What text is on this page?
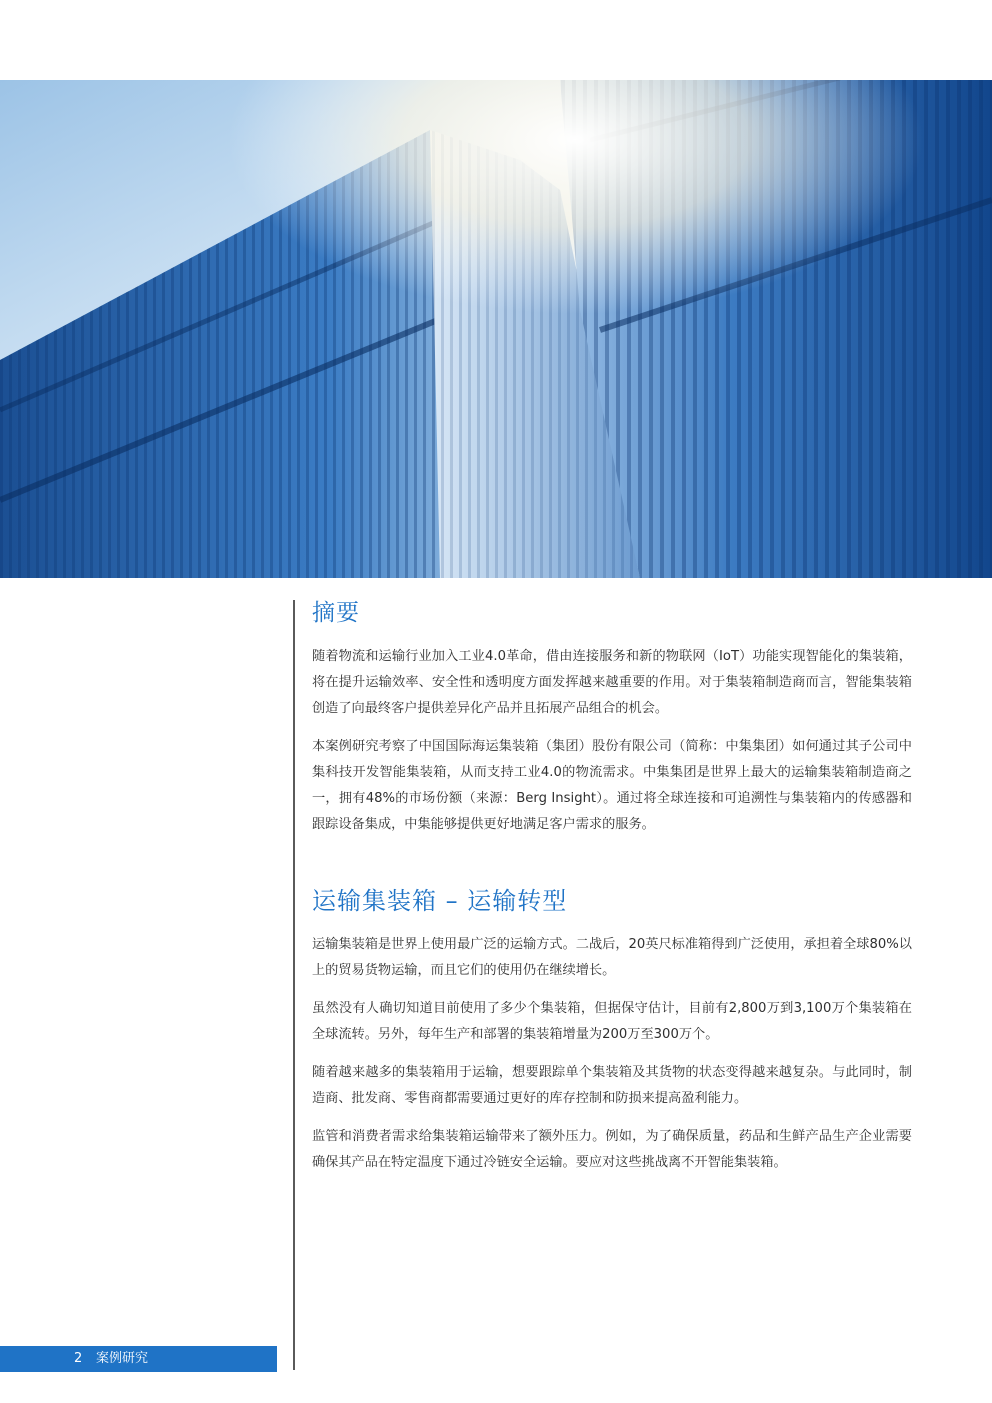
摘要

随着物流和运输行业加入工业4.0革命，借由连接服务和新的物联网（IoT）功能实现智能化的集装箱，将在提升运输效率、安全性和透明度方面发挥越来越重要的作用。对于集装箱制造商而言，智能集装箱创造了向最终客户提供差异化产品并且拓展产品组合的机会。

本案例研究考察了中国国际海运集装箱（集团）股份有限公司（简称：中集集团）如何通过其子公司中集科技开发智能集装箱，从而支持工业4.0的物流需求。中集集团是世界上最大的运输集装箱制造商之一，拥有48%的市场份额（来源：Berg Insight）。通过将全球连接和可追溯性与集装箱内的传感器和跟踪设备集成，中集能够提供更好地满足客户需求的服务。

运输集装箱 – 运输转型

运输集装箱是世界上使用最广泛的运输方式。二战后，20英尺标准箱得到广泛使用，承担着全球80%以上的贸易货物运输，而且它们的使用仍在继续增长。

虽然没有人确切知道目前使用了多少个集装箱，但据保守估计，目前有2,800万到3,100万个集装箱在全球流转。另外，每年生产和部署的集装箱增量为200万至300万个。

随着越来越多的集装箱用于运输，想要跟踪单个集装箱及其货物的状态变得越来越复杂。与此同时，制造商、批发商、零售商都需要通过更好的库存控制和防损来提高盈利能力。

监管和消费者需求给集装箱运输带来了额外压力。例如，为了确保质量，药品和生鲜产品生产企业需要确保其产品在特定温度下通过冷链安全运输。要应对这些挑战离不开智能集装箱。

2 案例研究
